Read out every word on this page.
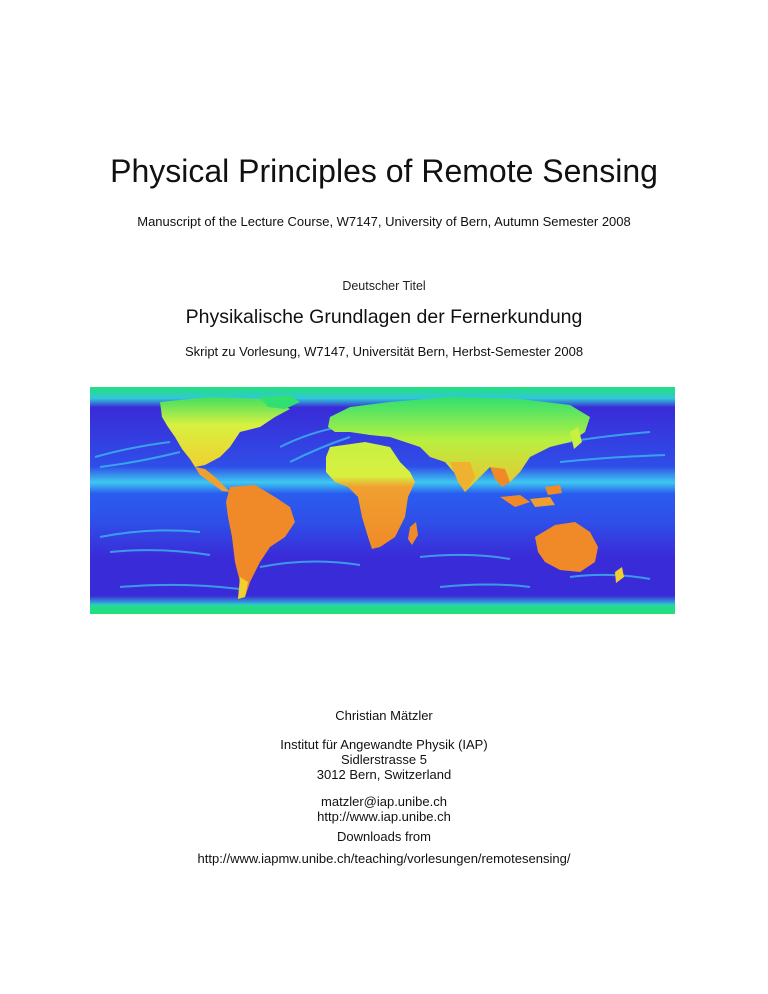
Physical Principles of Remote Sensing
Manuscript of the Lecture Course, W7147, University of Bern, Autumn Semester 2008
Deutscher Titel
Physikalische Grundlagen der Fernerkundung
Skript zu Vorlesung, W7147, Universität Bern, Herbst-Semester 2008
Christian Mätzler
Institut für Angewandte Physik (IAP)
Sidlerstrasse 5
3012 Bern, Switzerland
matzler@iap.unibe.ch
http://www.iap.unibe.ch
Downloads from
http://www.iapmw.unibe.ch/teaching/vorlesungen/remotesensing/
